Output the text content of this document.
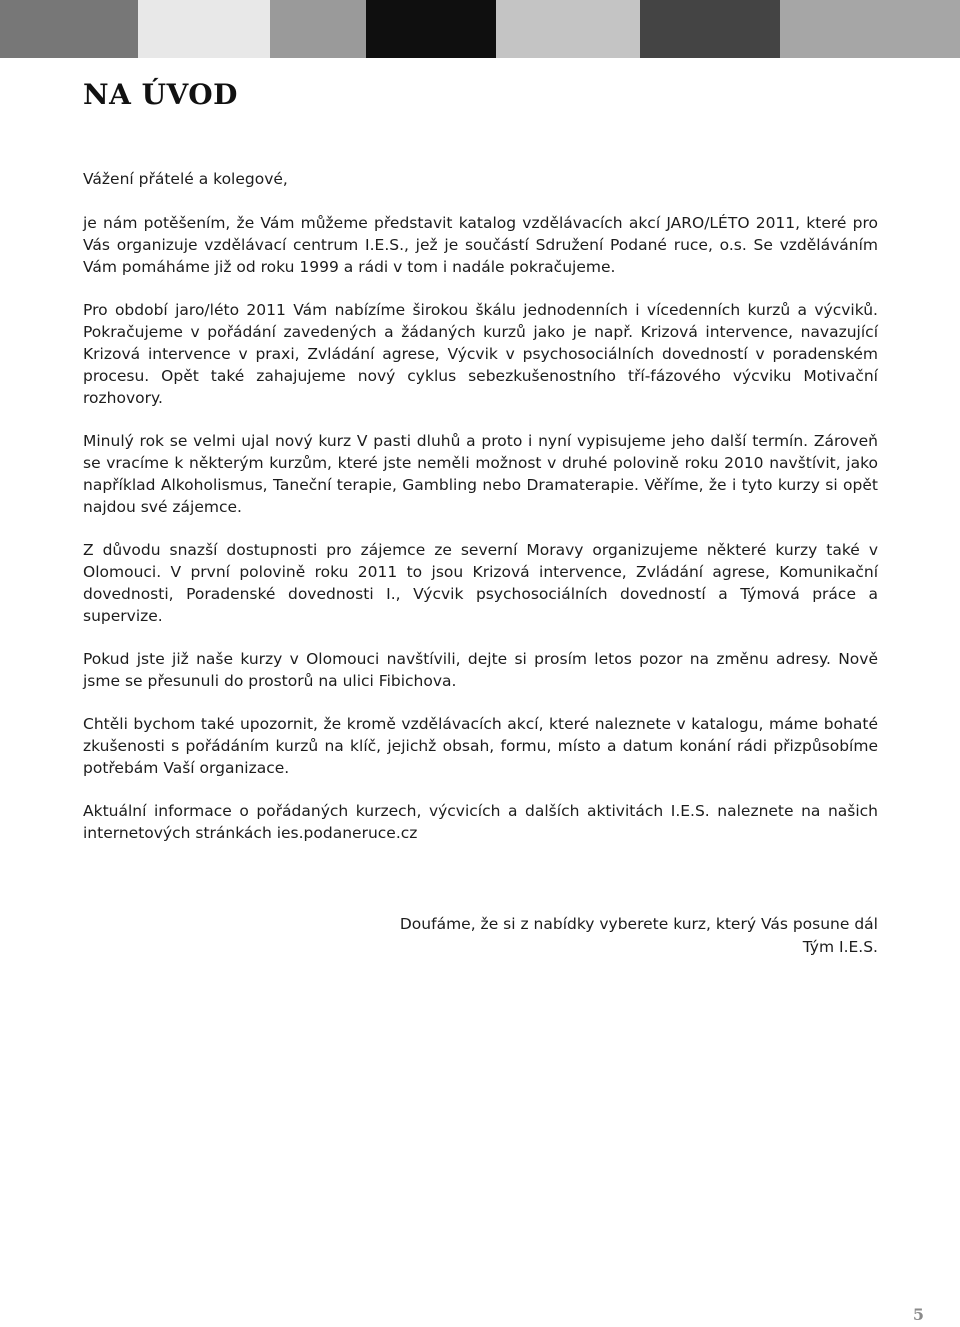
NA ÚVOD

Vážení přátelé a kolegové,

je nám potěšením, že Vám můžeme představit katalog vzdělávacích akcí JARO/LÉTO 2011, které pro Vás organizuje vzdělávací centrum I.E.S., jež je součástí Sdružení Podané ruce, o.s. Se vzděláváním Vám pomáháme již od roku 1999 a rádi v tom i nadále pokračujeme.

Pro období jaro/léto 2011 Vám nabízíme širokou škálu jednodenních i vícedenních kurzů a výcviků. Pokračujeme v pořádání zavedených a žádaných kurzů jako je např. Krizová intervence, navazující Krizová intervence v praxi, Zvládání agrese, Výcvik v psychosociálních dovedností v poradenském procesu. Opět také zahajujeme nový cyklus sebezkušenostního tří-fázového výcviku Motivační rozhovory.

Minulý rok se velmi ujal nový kurz V pasti dluhů a proto i nyní vypisujeme jeho další termín. Zároveň se vracíme k některým kurzům, které jste neměli možnost v druhé polovině roku 2010 navštívit, jako například Alkoholismus, Taneční terapie, Gambling nebo Dramaterapie. Věříme, že i tyto kurzy si opět najdou své zájemce.

Z důvodu snazší dostupnosti pro zájemce ze severní Moravy organizujeme některé kurzy také v Olomouci. V první polovině roku 2011 to jsou Krizová intervence, Zvládání agrese, Komunikační dovednosti, Poradenské dovednosti I., Výcvik psychosociálních dovedností a Týmová práce a supervize.

Pokud jste již naše kurzy v Olomouci navštívili, dejte si prosím letos pozor na změnu adresy. Nově jsme se přesunuli do prostorů na ulici Fibichova.

Chtěli bychom také upozornit, že kromě vzdělávacích akcí, které naleznete v katalogu, máme bohaté zkušenosti s pořádáním kurzů na klíč, jejichž obsah, formu, místo a datum konání rádi přizpůsobíme potřebám Vaší organizace.

Aktuální informace o pořádaných kurzech, výcvicích a dalších aktivitách I.E.S. naleznete na našich internetových stránkách ies.podaneruce.cz

Doufáme, že si z nabídky vyberete kurz, který Vás posune dál
Tým I.E.S.
5
